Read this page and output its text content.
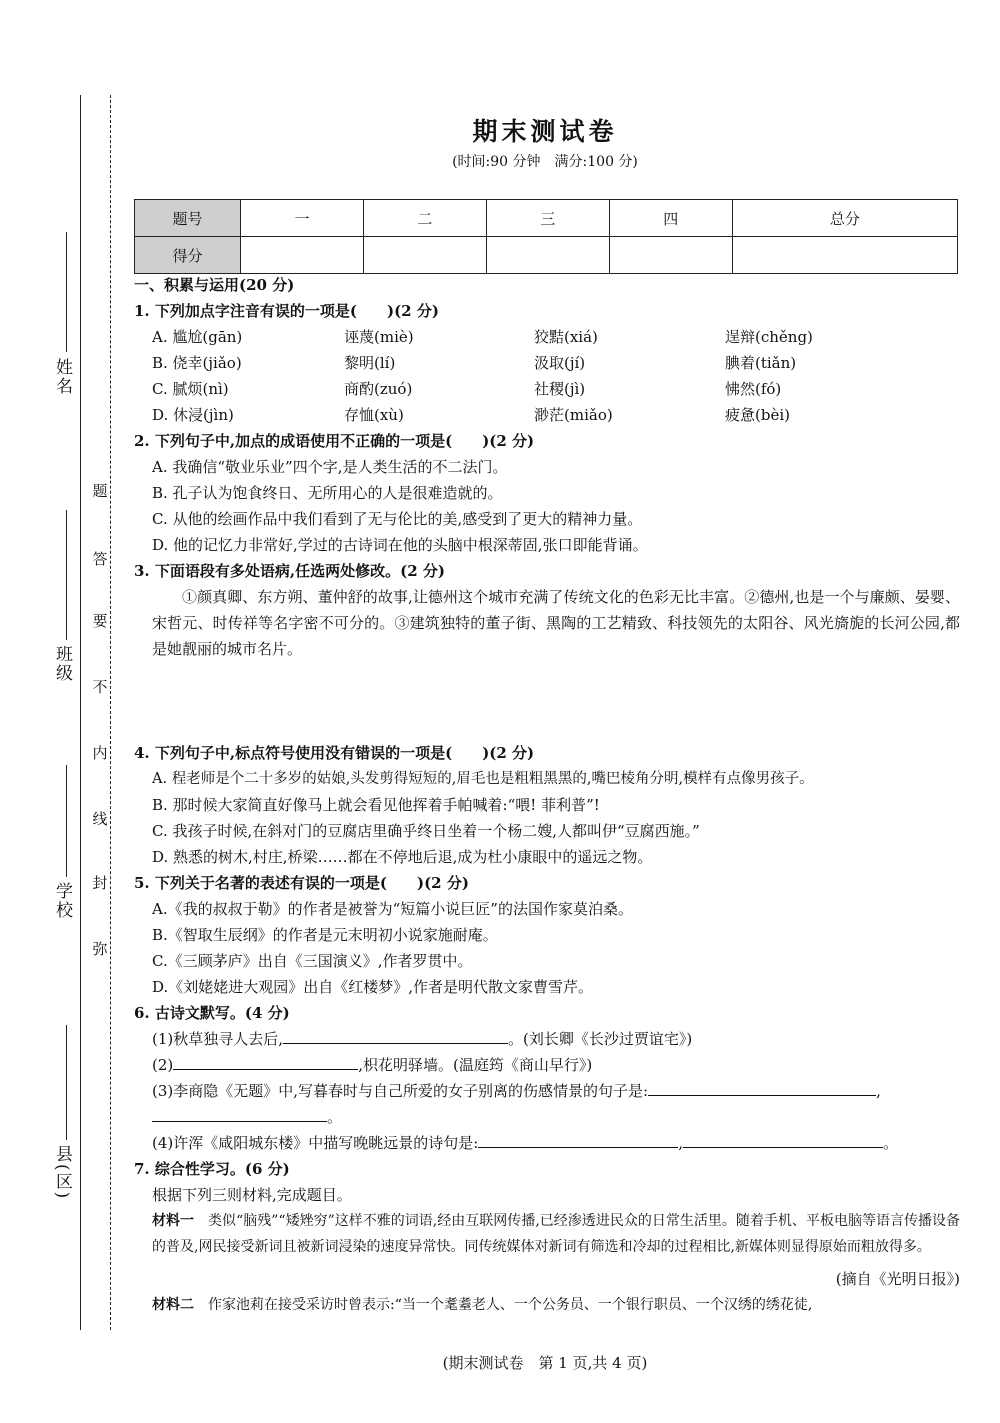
姓名
班级
学校
县(区)
题
答
要
不
内
线
封
弥
期末测试卷
(时间:90 分钟　满分:100 分)
题号	一	二	三	四	总分
得分					
一、积累与运用(20 分)
1. 下列加点字注音有误的一项是(　　)(2 分)
A. 尴尬(gān)	诬蔑(miè)	狡黠(xiá)	逞辩(chěng)
B. 侥幸(jiǎo)	黎明(lí)	汲取(jí)	腆着(tiǎn)
C. 腻烦(nì)	商酌(zuó)	社稷(jì)	怫然(fó)
D. 休浸(jìn)	存恤(xù)	渺茫(miǎo)	疲惫(bèi)
2. 下列句子中,加点的成语使用不正确的一项是(　　)(2 分)
A. 我确信“敬业乐业”四个字,是人类生活的不二法门。
B. 孔子认为饱食终日、无所用心的人是很难造就的。
C. 从他的绘画作品中我们看到了无与伦比的美,感受到了更大的精神力量。
D. 他的记忆力非常好,学过的古诗词在他的头脑中根深蒂固,张口即能背诵。
3. 下面语段有多处语病,任选两处修改。(2 分)
①颜真卿、东方朔、董仲舒的故事,让德州这个城市充满了传统文化的色彩无比丰富。②德州,也是一个与廉颇、晏婴、宋哲元、时传祥等名字密不可分的。③建筑独特的董子街、黑陶的工艺精致、科技领先的太阳谷、风光旖旎的长河公园,都是她靓丽的城市名片。
4. 下列句子中,标点符号使用没有错误的一项是(　　)(2 分)
A. 程老师是个二十多岁的姑娘,头发剪得短短的,眉毛也是粗粗黑黑的,嘴巴棱角分明,模样有点像男孩子。
B. 那时候大家简直好像马上就会看见他挥着手帕喊着:“喂! 菲利普”!
C. 我孩子时候,在斜对门的豆腐店里确乎终日坐着一个杨二嫂,人都叫伊“豆腐西施。”
D. 熟悉的树木,村庄,桥梁……都在不停地后退,成为杜小康眼中的遥远之物。
5. 下列关于名著的表述有误的一项是(　　)(2 分)
A.《我的叔叔于勒》的作者是被誉为“短篇小说巨匠”的法国作家莫泊桑。
B.《智取生辰纲》的作者是元末明初小说家施耐庵。
C.《三顾茅庐》出自《三国演义》,作者罗贯中。
D.《刘姥姥进大观园》出自《红楼梦》,作者是明代散文家曹雪芹。
6. 古诗文默写。(4 分)
(1)秋草独寻人去后,	。(刘长卿《长沙过贾谊宅》)
(2)	,枳花明驿墙。(温庭筠《商山早行》)
(3)李商隐《无题》中,写暮春时与自己所爱的女子别离的伤感情景的句子是:	,
。
(4)许浑《咸阳城东楼》中描写晚眺远景的诗句是:	,	。
7. 综合性学习。(6 分)
根据下列三则材料,完成题目。
材料一　 类似“脑残”“矮矬穷”这样不雅的词语,经由互联网传播,已经渗透进民众的日常生活里。随着手机、平板电脑等语言传播设备的普及,网民接受新词且被新词浸染的速度异常快。同传统媒体对新词有筛选和冷却的过程相比,新媒体则显得原始而粗放得多。
(摘自《光明日报》)
材料二　 作家池莉在接受采访时曾表示:“当一个耄耋老人、一个公务员、一个银行职员、一个汉绣的绣花徒,
(期末测试卷　第 1 页,共 4 页)
